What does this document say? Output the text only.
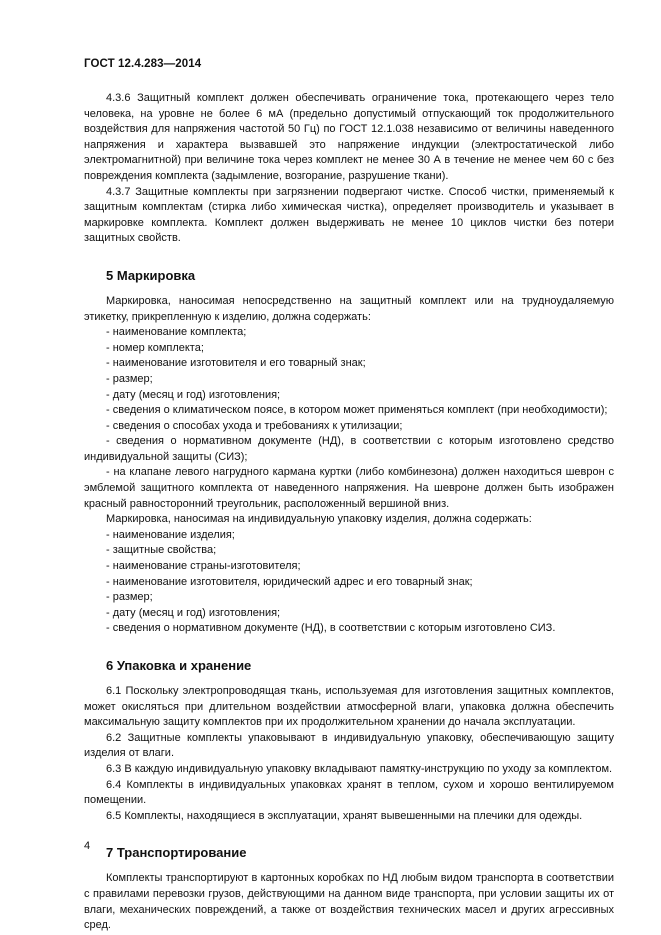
ГОСТ 12.4.283—2014

4.3.6 Защитный комплект должен обеспечивать ограничение тока, протекающего через тело человека, на уровне не более 6 мА (предельно допустимый отпускающий ток продолжительного воздействия для напряжения частотой 50 Гц) по ГОСТ 12.1.038 независимо от величины наведенного напряжения и характера вызвавшей это напряжение индукции (электростатической либо электромагнитной) при величине тока через комплект не менее 30 А в течение не менее чем 60 с без повреждения комплекта (задымление, возгорание, разрушение ткани).

4.3.7 Защитные комплекты при загрязнении подвергают чистке. Способ чистки, применяемый к защитным комплектам (стирка либо химическая чистка), определяет производитель и указывает в маркировке комплекта. Комплект должен выдерживать не менее 10 циклов чистки без потери защитных свойств.

5 Маркировка

Маркировка, наносимая непосредственно на защитный комплект или на трудноудаляемую этикетку, прикрепленную к изделию, должна содержать:

- наименование комплекта;

- номер комплекта;

- наименование изготовителя и его товарный знак;

- размер;

- дату (месяц и год) изготовления;

- сведения о климатическом поясе, в котором может применяться комплект (при необходимости);

- сведения о способах ухода и требованиях к утилизации;

- сведения о нормативном документе (НД), в соответствии с которым изготовлено средство индивидуальной защиты (СИЗ);

- на клапане левого нагрудного кармана куртки (либо комбинезона) должен находиться шеврон с эмблемой защитного комплекта от наведенного напряжения. На шевроне должен быть изображен красный равносторонний треугольник, расположенный вершиной вниз.

Маркировка, наносимая на индивидуальную упаковку изделия, должна содержать:

- наименование изделия;

- защитные свойства;

- наименование страны-изготовителя;

- наименование изготовителя, юридический адрес и его товарный знак;

- размер;

- дату (месяц и год) изготовления;

- сведения о нормативном документе (НД), в соответствии с которым изготовлено СИЗ.

6 Упаковка и хранение

6.1 Поскольку электропроводящая ткань, используемая для изготовления защитных комплектов, может окисляться при длительном воздействии атмосферной влаги, упаковка должна обеспечить максимальную защиту комплектов при их продолжительном хранении до начала эксплуатации.

6.2 Защитные комплекты упаковывают в индивидуальную упаковку, обеспечивающую защиту изделия от влаги.

6.3 В каждую индивидуальную упаковку вкладывают памятку-инструкцию по уходу за комплектом.

6.4 Комплекты в индивидуальных упаковках хранят в теплом, сухом и хорошо вентилируемом помещении.

6.5 Комплекты, находящиеся в эксплуатации, хранят вывешенными на плечики для одежды.

7 Транспортирование

Комплекты транспортируют в картонных коробках по НД любым видом транспорта в соответствии с правилами перевозки грузов, действующими на данном виде транспорта, при условии защиты их от влаги, механических повреждений, а также от воздействия технических масел и других агрессивных сред.

4
